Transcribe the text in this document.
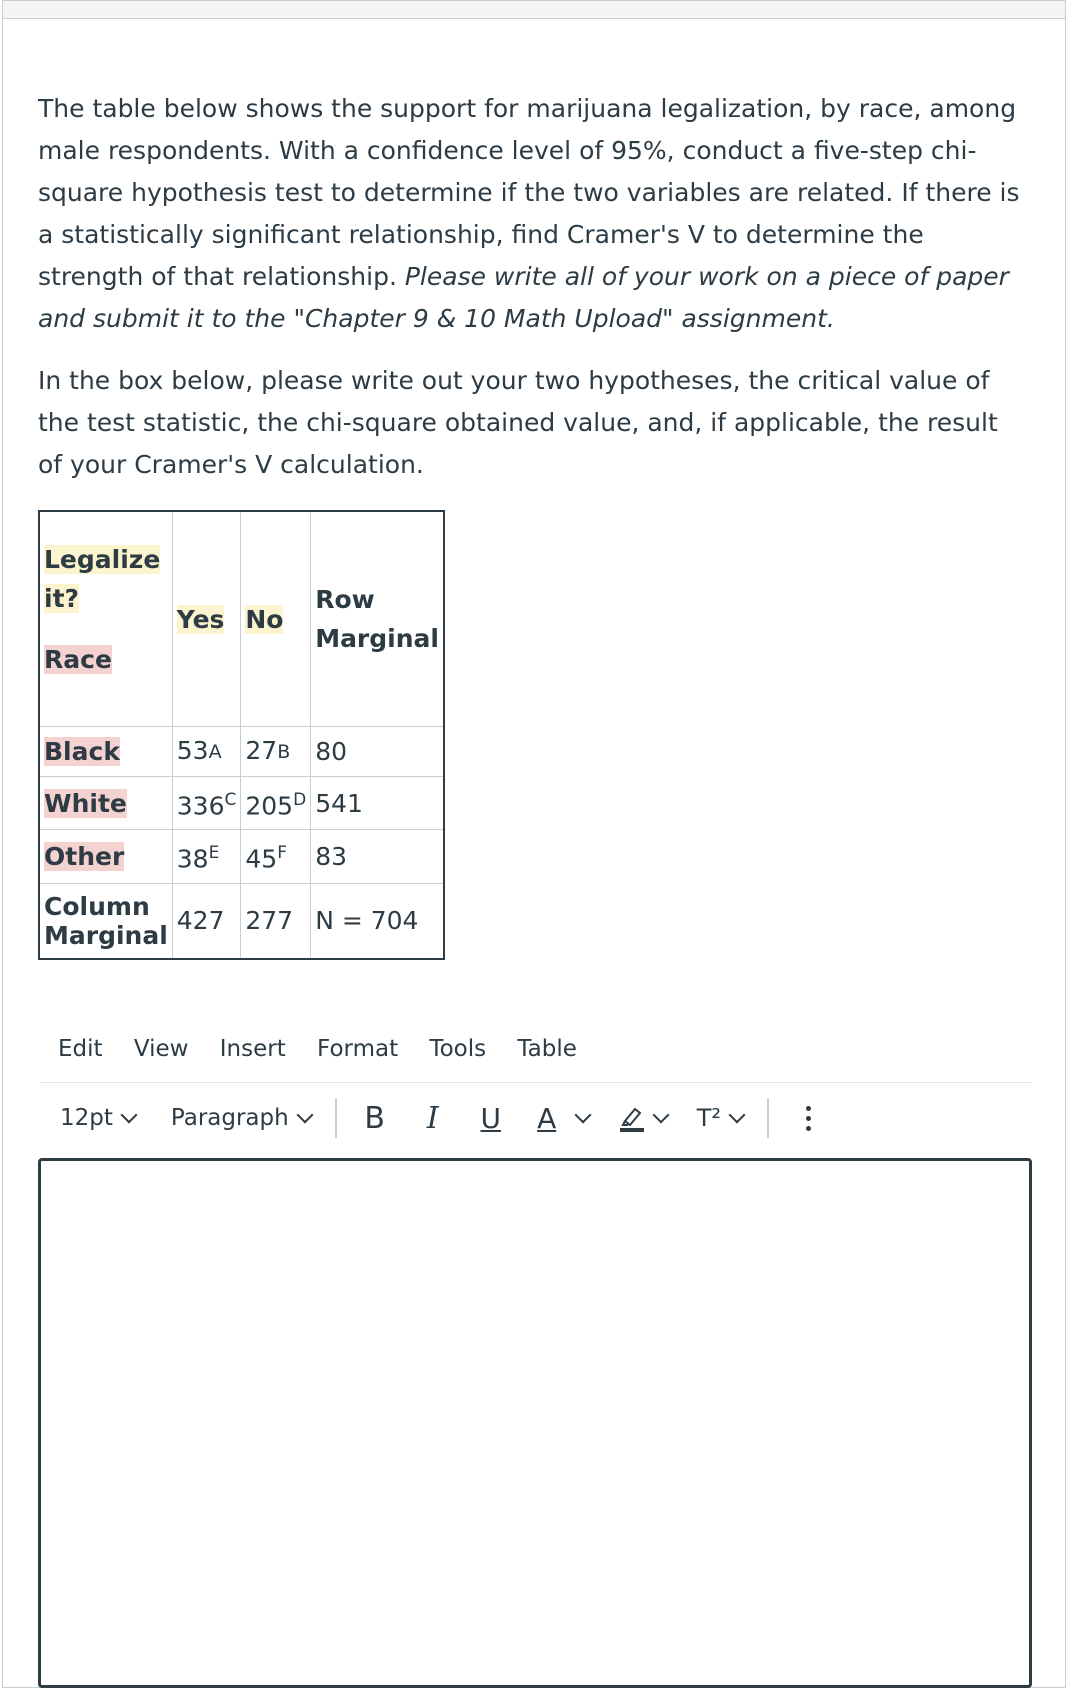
The table below shows the support for marijuana legalization, by race, among male respondents. With a confidence level of 95%, conduct a five-step chi-square hypothesis test to determine if the two variables are related. If there is a statistically significant relationship, find Cramer's V to determine the strength of that relationship. Please write all of your work on a piece of paper and submit it to the "Chapter 9 & 10 Math Upload" assignment.

In the box below, please write out your two hypotheses, the critical value of the test statistic, the chi-square obtained value, and, if applicable, the result of your Cramer's V calculation.

Legalize it?
Race	Yes	No	Row Marginal
Black	53A	27B	80
White	$336^C$	$205^D$	541
Other	$38^E$	$45^F$	83
Column Marginal	427	277	N = 704
Edit View Insert Format Tools Table
12pt	Paragraph	B	I	U	A	T²
